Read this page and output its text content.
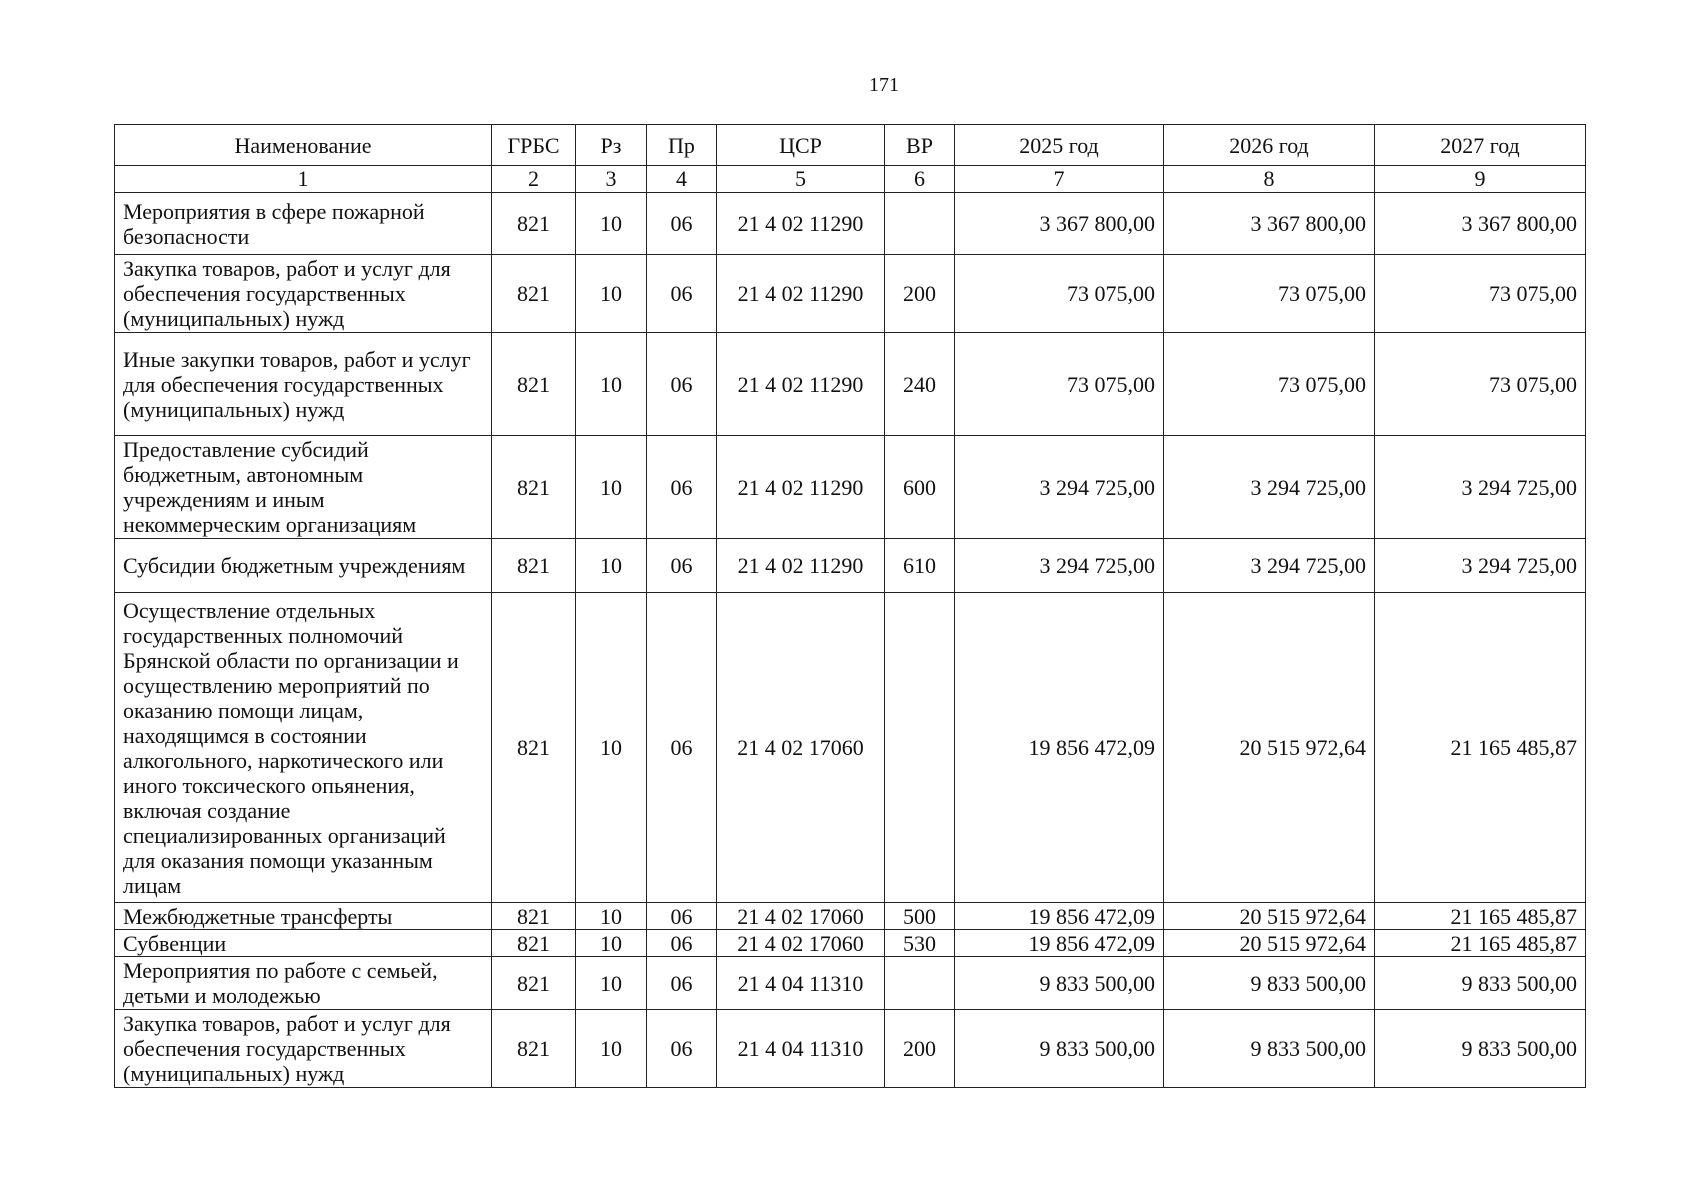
171
Наименование	ГРБС	Рз	Пр	ЦСР	ВР	2025 год	2026 год	2027 год
1	2	3	4	5	6	7	8	9
Мероприятия в сфере пожарной безопасности	821	10	06	21 4 02 11290		3 367 800,00	3 367 800,00	3 367 800,00
Закупка товаров, работ и услуг для обеспечения государственных (муниципальных) нужд	821	10	06	21 4 02 11290	200	73 075,00	73 075,00	73 075,00
Иные закупки товаров, работ и услуг для обеспечения государственных (муниципальных) нужд	821	10	06	21 4 02 11290	240	73 075,00	73 075,00	73 075,00
Предоставление субсидий бюджетным, автономным учреждениям и иным некоммерческим организациям	821	10	06	21 4 02 11290	600	3 294 725,00	3 294 725,00	3 294 725,00
Субсидии бюджетным учреждениям	821	10	06	21 4 02 11290	610	3 294 725,00	3 294 725,00	3 294 725,00
Осуществление отдельных государственных полномочий Брянской области по организации и осуществлению мероприятий по оказанию помощи лицам, находящимся в состоянии алкогольного, наркотического или иного токсического опьянения, включая создание специализированных организаций для оказания помощи указанным лицам	821	10	06	21 4 02 17060		19 856 472,09	20 515 972,64	21 165 485,87
Межбюджетные трансферты	821	10	06	21 4 02 17060	500	19 856 472,09	20 515 972,64	21 165 485,87
Субвенции	821	10	06	21 4 02 17060	530	19 856 472,09	20 515 972,64	21 165 485,87
Мероприятия по работе с семьей, детьми и молодежью	821	10	06	21 4 04 11310		9 833 500,00	9 833 500,00	9 833 500,00
Закупка товаров, работ и услуг для обеспечения государственных (муниципальных) нужд	821	10	06	21 4 04 11310	200	9 833 500,00	9 833 500,00	9 833 500,00
